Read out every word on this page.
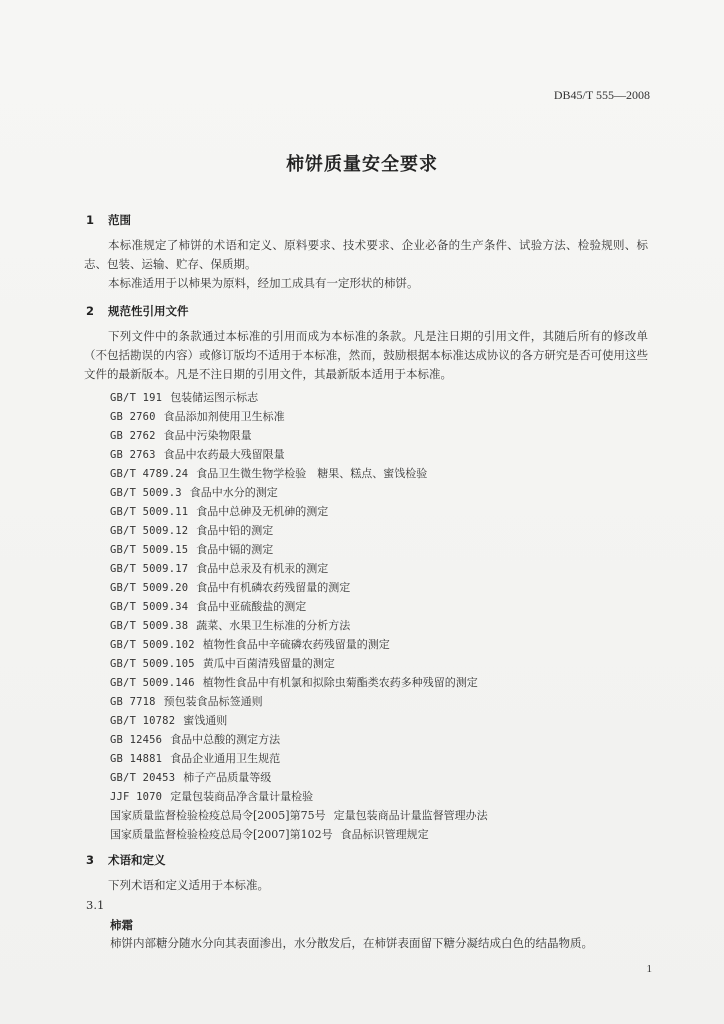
DB45/T 555—2008
柿饼质量安全要求
1 范围
本标准规定了柿饼的术语和定义、原料要求、技术要求、企业必备的生产条件、试验方法、检验规则、标志、包装、运输、贮存、保质期。
本标准适用于以柿果为原料，经加工成具有一定形状的柿饼。
2 规范性引用文件
下列文件中的条款通过本标准的引用而成为本标准的条款。凡是注日期的引用文件，其随后所有的修改单（不包括勘误的内容）或修订版均不适用于本标准，然而，鼓励根据本标准达成协议的各方研究是否可使用这些文件的最新版本。凡是不注日期的引用文件，其最新版本适用于本标准。
GB/T 191 包装储运图示标志
GB 2760 食品添加剂使用卫生标准
GB 2762 食品中污染物限量
GB 2763 食品中农药最大残留限量
GB/T 4789.24 食品卫生微生物学检验　糖果、糕点、蜜饯检验
GB/T 5009.3 食品中水分的测定
GB/T 5009.11 食品中总砷及无机砷的测定
GB/T 5009.12 食品中铅的测定
GB/T 5009.15 食品中镉的测定
GB/T 5009.17 食品中总汞及有机汞的测定
GB/T 5009.20 食品中有机磷农药残留量的测定
GB/T 5009.34 食品中亚硫酸盐的测定
GB/T 5009.38 蔬菜、水果卫生标准的分析方法
GB/T 5009.102 植物性食品中辛硫磷农药残留量的测定
GB/T 5009.105 黄瓜中百菌清残留量的测定
GB/T 5009.146 植物性食品中有机氯和拟除虫菊酯类农药多种残留的测定
GB 7718 预包装食品标签通则
GB/T 10782 蜜饯通则
GB 12456 食品中总酸的测定方法
GB 14881 食品企业通用卫生规范
GB/T 20453 柿子产品质量等级
JJF 1070 定量包装商品净含量计量检验
国家质量监督检验检疫总局令[2005]第75号 定量包装商品计量监督管理办法
国家质量监督检验检疫总局令[2007]第102号 食品标识管理规定
3 术语和定义
下列术语和定义适用于本标准。
3.1
柿霜
柿饼内部糖分随水分向其表面渗出，水分散发后，在柿饼表面留下糖分凝结成白色的结晶物质。
1
